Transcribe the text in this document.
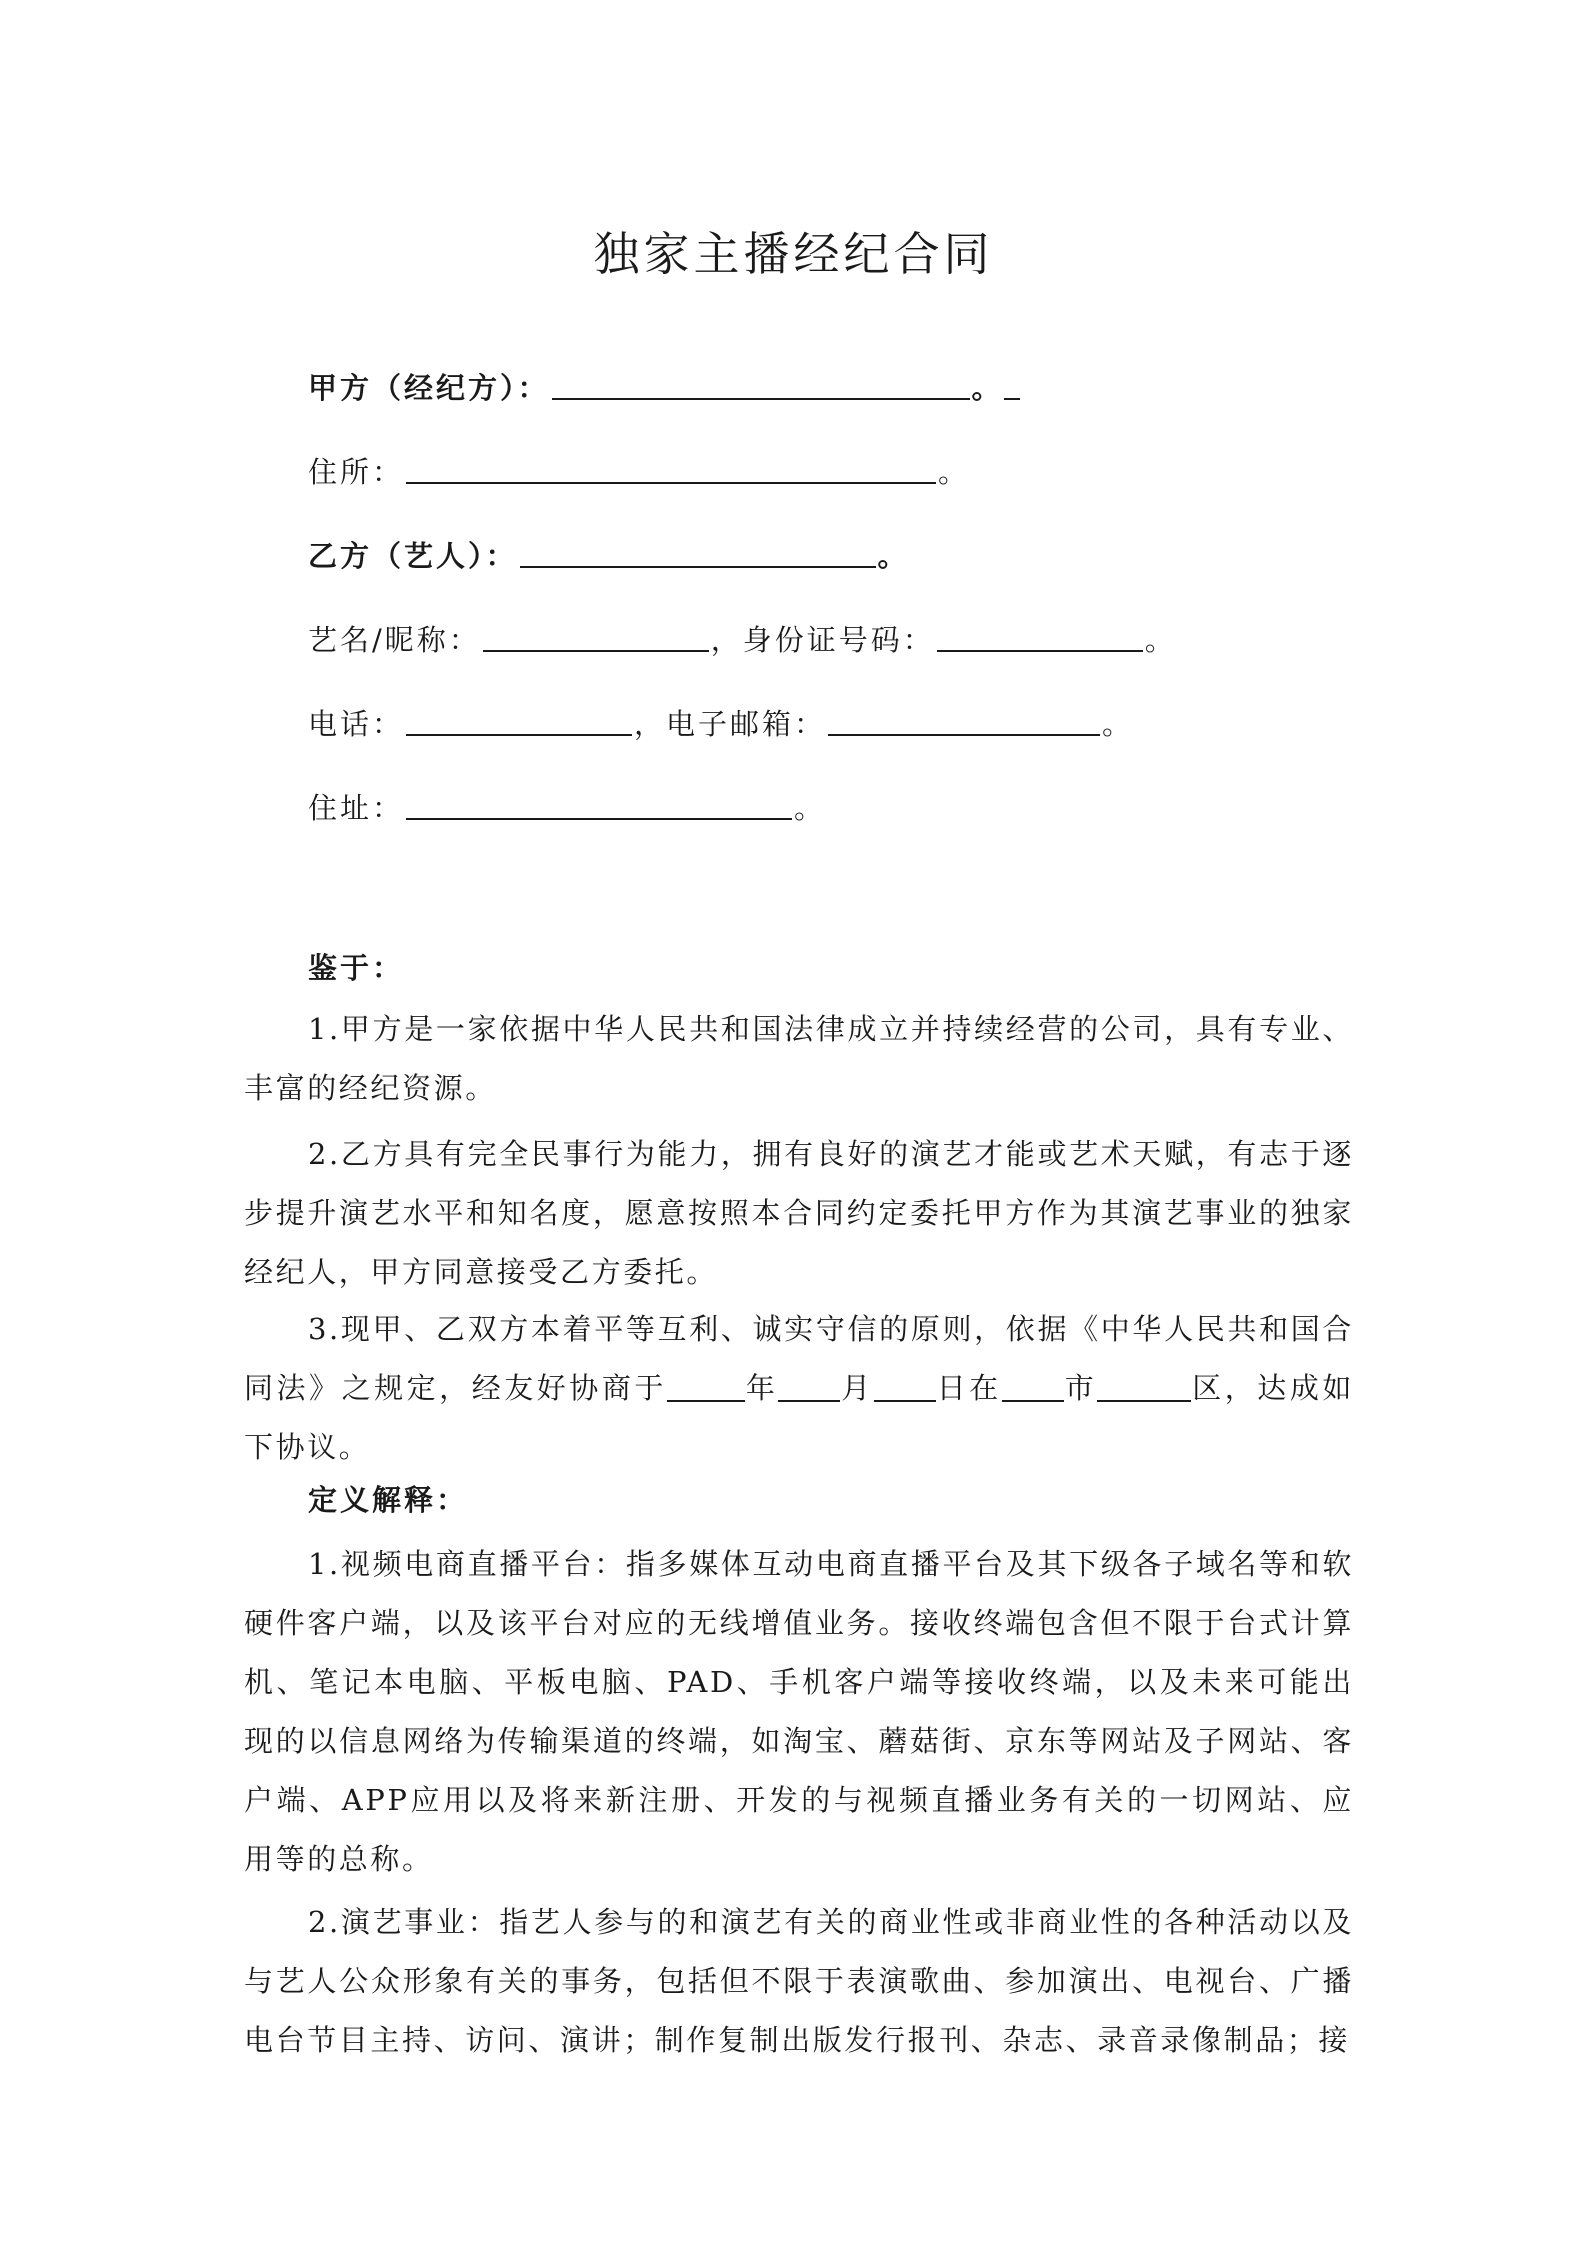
独家主播经纪合同
甲方（经纪方）：	。
住所：	。
乙方（艺人）：	。
艺名/昵称：	，身份证号码：	。
电话：	，电子邮箱：	。
住址：	。
鉴于：

1.甲方是一家依据中华人民共和国法律成立并持续经营的公司，具有专业、丰富的经纪资源。

2.乙方具有完全民事行为能力，拥有良好的演艺才能或艺术天赋，有志于逐步提升演艺水平和知名度，愿意按照本合同约定委托甲方作为其演艺事业的独家经纪人，甲方同意接受乙方委托。

3.现甲、乙双方本着平等互利、诚实守信的原则，依据《中华人民共和国合同法》之规定，经友好协商于	年 月 日在 市	区，达成如下协议。

定义解释：

1.视频电商直播平台：指多媒体互动电商直播平台及其下级各子域名等和软硬件客户端，以及该平台对应的无线增值业务。接收终端包含但不限于台式计算机、笔记本电脑、平板电脑、PAD、手机客户端等接收终端，以及未来可能出现的以信息网络为传输渠道的终端，如淘宝、蘑菇街、京东等网站及子网站、客户端、APP应用以及将来新注册、开发的与视频直播业务有关的一切网站、应用等的总称。

2.演艺事业：指艺人参与的和演艺有关的商业性或非商业性的各种活动以及与艺人公众形象有关的事务，包括但不限于表演歌曲、参加演出、电视台、广播电台节目主持、访问、演讲；制作复制出版发行报刊、杂志、录音录像制品；接
